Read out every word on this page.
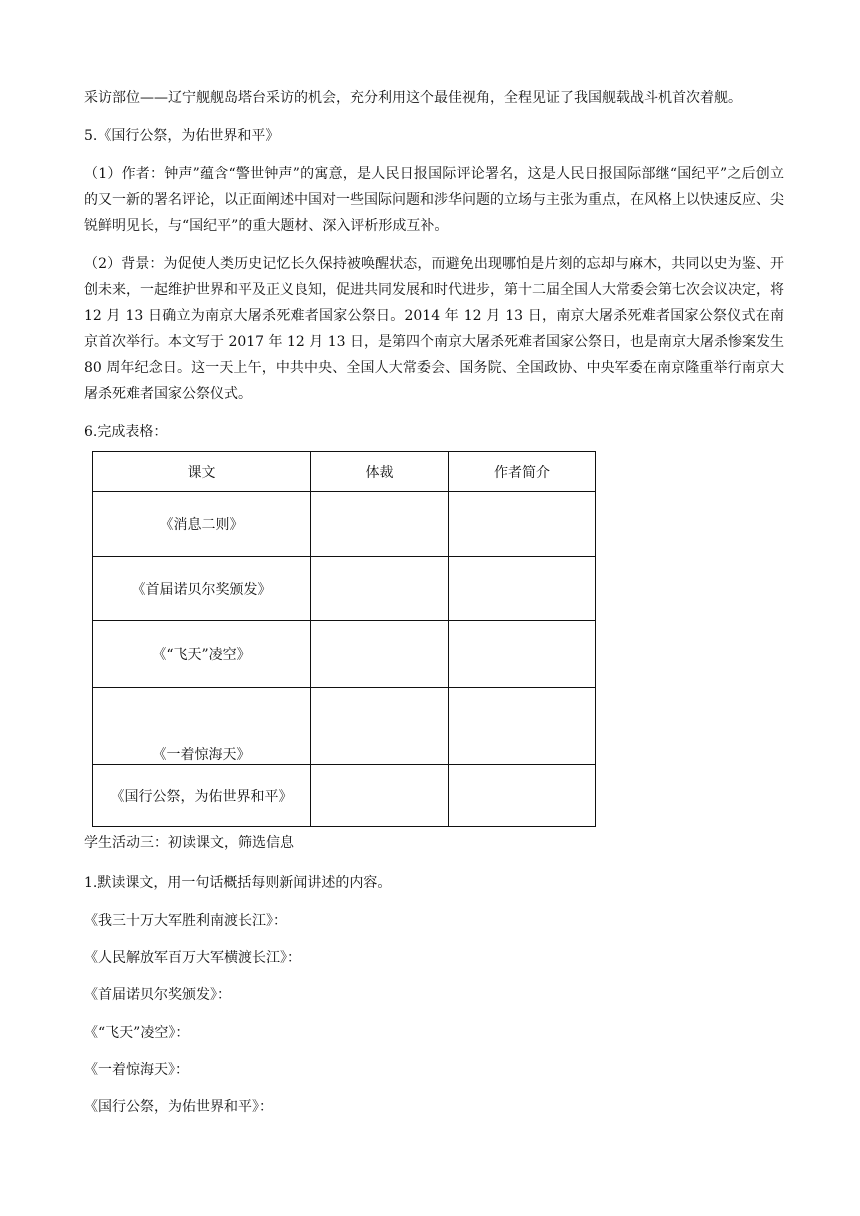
采访部位——辽宁舰舰岛塔台采访的机会，充分利用这个最佳视角，全程见证了我国舰载战斗机首次着舰。
5.《国行公祭，为佑世界和平》
（1）作者：钟声”蕴含“警世钟声”的寓意，是人民日报国际评论署名，这是人民日报国际部继“国纪平”之后创立的又一新的署名评论，以正面阐述中国对一些国际问题和涉华问题的立场与主张为重点，在风格上以快速反应、尖锐鲜明见长，与“国纪平”的重大题材、深入评析形成互补。
（2）背景：为促使人类历史记忆长久保持被唤醒状态，而避免出现哪怕是片刻的忘却与麻木，共同以史为鉴、开创未来，一起维护世界和平及正义良知，促进共同发展和时代进步，第十二届全国人大常委会第七次会议决定，将 12 月 13 日确立为南京大屠杀死难者国家公祭日。2014 年 12 月 13 日，南京大屠杀死难者国家公祭仪式在南京首次举行。本文写于 2017 年 12 月 13 日，是第四个南京大屠杀死难者国家公祭日，也是南京大屠杀惨案发生 80 周年纪念日。这一天上午，中共中央、全国人大常委会、国务院、全国政协、中央军委在南京隆重举行南京大屠杀死难者国家公祭仪式。
6.完成表格：
课文	体裁	作者简介
《消息二则》		
《首届诺贝尔奖颁发》		
《“飞天”凌空》		
《一着惊海天》		
《国行公祭，为佑世界和平》		
学生活动三：初读课文，筛选信息
1.默读课文，用一句话概括每则新闻讲述的内容。
《我三十万大军胜利南渡长江》：
《人民解放军百万大军横渡长江》：
《首届诺贝尔奖颁发》：
《“飞天”凌空》：
《一着惊海天》：
《国行公祭，为佑世界和平》：
